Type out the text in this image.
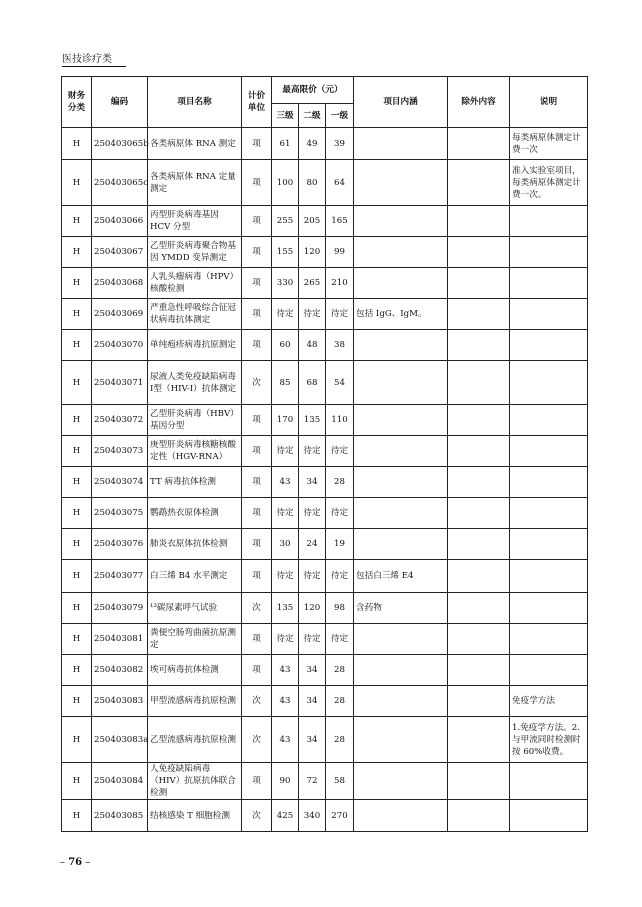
医技诊疗类
财务分类	编码	项目名称	计价单位	最高限价（元）			项目内涵	除外内容	说明
				三级	二级	一级			
H	250403065b	各类病原体 RNA 测定	项	61	49	39			每类病原体测定计费一次
H	250403065c	各类病原体 RNA 定量测定	项	100	80	64			准入实验室项目，每类病原体测定计费一次。
H	250403066	丙型肝炎病毒基因 HCV 分型	项	255	205	165			
H	250403067	乙型肝炎病毒聚合物基因 YMDD 变异测定	项	155	120	99			
H	250403068	人乳头瘤病毒（HPV）核酸检测	项	330	265	210			
H	250403069	严重急性呼吸综合征冠状病毒抗体测定	项	待定	待定	待定	包括 IgG、IgM。		
H	250403070	单纯疱疹病毒抗原测定	项	60	48	38			
H	250403071	尿液人类免疫缺陷病毒Ⅰ型（HIV-Ⅰ）抗体测定	次	85	68	54			
H	250403072	乙型肝炎病毒（HBV）基因分型	项	170	135	110			
H	250403073	庚型肝炎病毒核糖核酸定性（HGV-RNA）	项	待定	待定	待定			
H	250403074	TT 病毒抗体检测	项	43	34	28			
H	250403075	鹦鹉热衣原体检测	项	待定	待定	待定			
H	250403076	肺炎衣原体抗体检测	项	30	24	19			
H	250403077	白三烯 B4 水平测定	项	待定	待定	待定	包括白三烯 E4		
H	250403079	¹³碳尿素呼气试验	次	135	120	98	含药物		
H	250403081	粪便空肠弯曲菌抗原测定	项	待定	待定	待定			
H	250403082	埃可病毒抗体检测	项	43	34	28			
H	250403083	甲型流感病毒抗原检测	次	43	34	28			免疫学方法
H	250403083a	乙型流感病毒抗原检测	次	43	34	28			1.免疫学方法。2.与甲流同时检测时按 60%收费。
H	250403084	人免疫缺陷病毒（HIV）抗原抗体联合检测	项	90	72	58			
H	250403085	结核感染 T 细胞检测	次	425	340	270			
– 76 –
